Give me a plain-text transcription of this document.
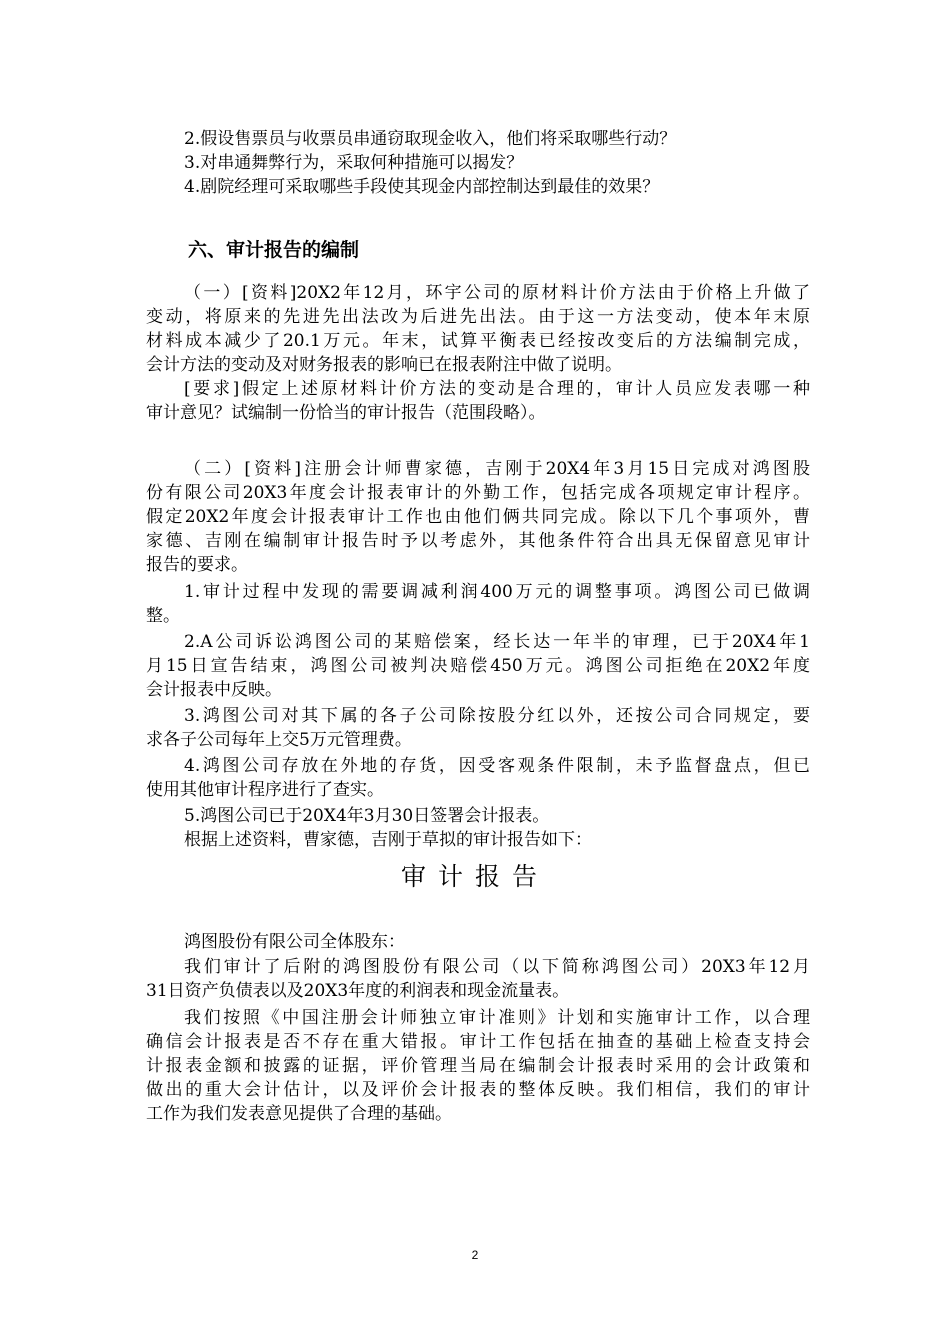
2.假设售票员与收票员串通窃取现金收入，他们将采取哪些行动？
3.对串通舞弊行为，采取何种措施可以揭发？
4.剧院经理可采取哪些手段使其现金内部控制达到最佳的效果？
六、审计报告的编制
（一）[资料]20X2年12月，环宇公司的原材料计价方法由于价格上升做了
变动，将原来的先进先出法改为后进先出法。由于这一方法变动，使本年末原
材料成本减少了20.1万元。年末，试算平衡表已经按改变后的方法编制完成，
会计方法的变动及对财务报表的影响已在报表附注中做了说明。
[要求]假定上述原材料计价方法的变动是合理的，审计人员应发表哪一种
审计意见？试编制一份恰当的审计报告（范围段略）。
（二）[资料]注册会计师曹家德，吉刚于20X4年3月15日完成对鸿图股
份有限公司20X3年度会计报表审计的外勤工作，包括完成各项规定审计程序。
假定20X2年度会计报表审计工作也由他们俩共同完成。除以下几个事项外，曹
家德、吉刚在编制审计报告时予以考虑外，其他条件符合出具无保留意见审计
报告的要求。
1.审计过程中发现的需要调减利润400万元的调整事项。鸿图公司已做调
整。
2.A公司诉讼鸿图公司的某赔偿案，经长达一年半的审理，已于20X4年1
月15日宣告结束，鸿图公司被判决赔偿450万元。鸿图公司拒绝在20X2年度
会计报表中反映。
3.鸿图公司对其下属的各子公司除按股分红以外，还按公司合同规定，要
求各子公司每年上交5万元管理费。
4.鸿图公司存放在外地的存货，因受客观条件限制，未予监督盘点，但已
使用其他审计程序进行了查实。
5.鸿图公司已于20X4年3月30日签署会计报表。
根据上述资料，曹家德，吉刚于草拟的审计报告如下：
审计报告
鸿图股份有限公司全体股东：
我们审计了后附的鸿图股份有限公司（以下简称鸿图公司）20X3年12月
31日资产负债表以及20X3年度的利润表和现金流量表。
我们按照《中国注册会计师独立审计准则》计划和实施审计工作，以合理
确信会计报表是否不存在重大错报。审计工作包括在抽查的基础上检查支持会
计报表金额和披露的证据，评价管理当局在编制会计报表时采用的会计政策和
做出的重大会计估计，以及评价会计报表的整体反映。我们相信，我们的审计
工作为我们发表意见提供了合理的基础。
2
